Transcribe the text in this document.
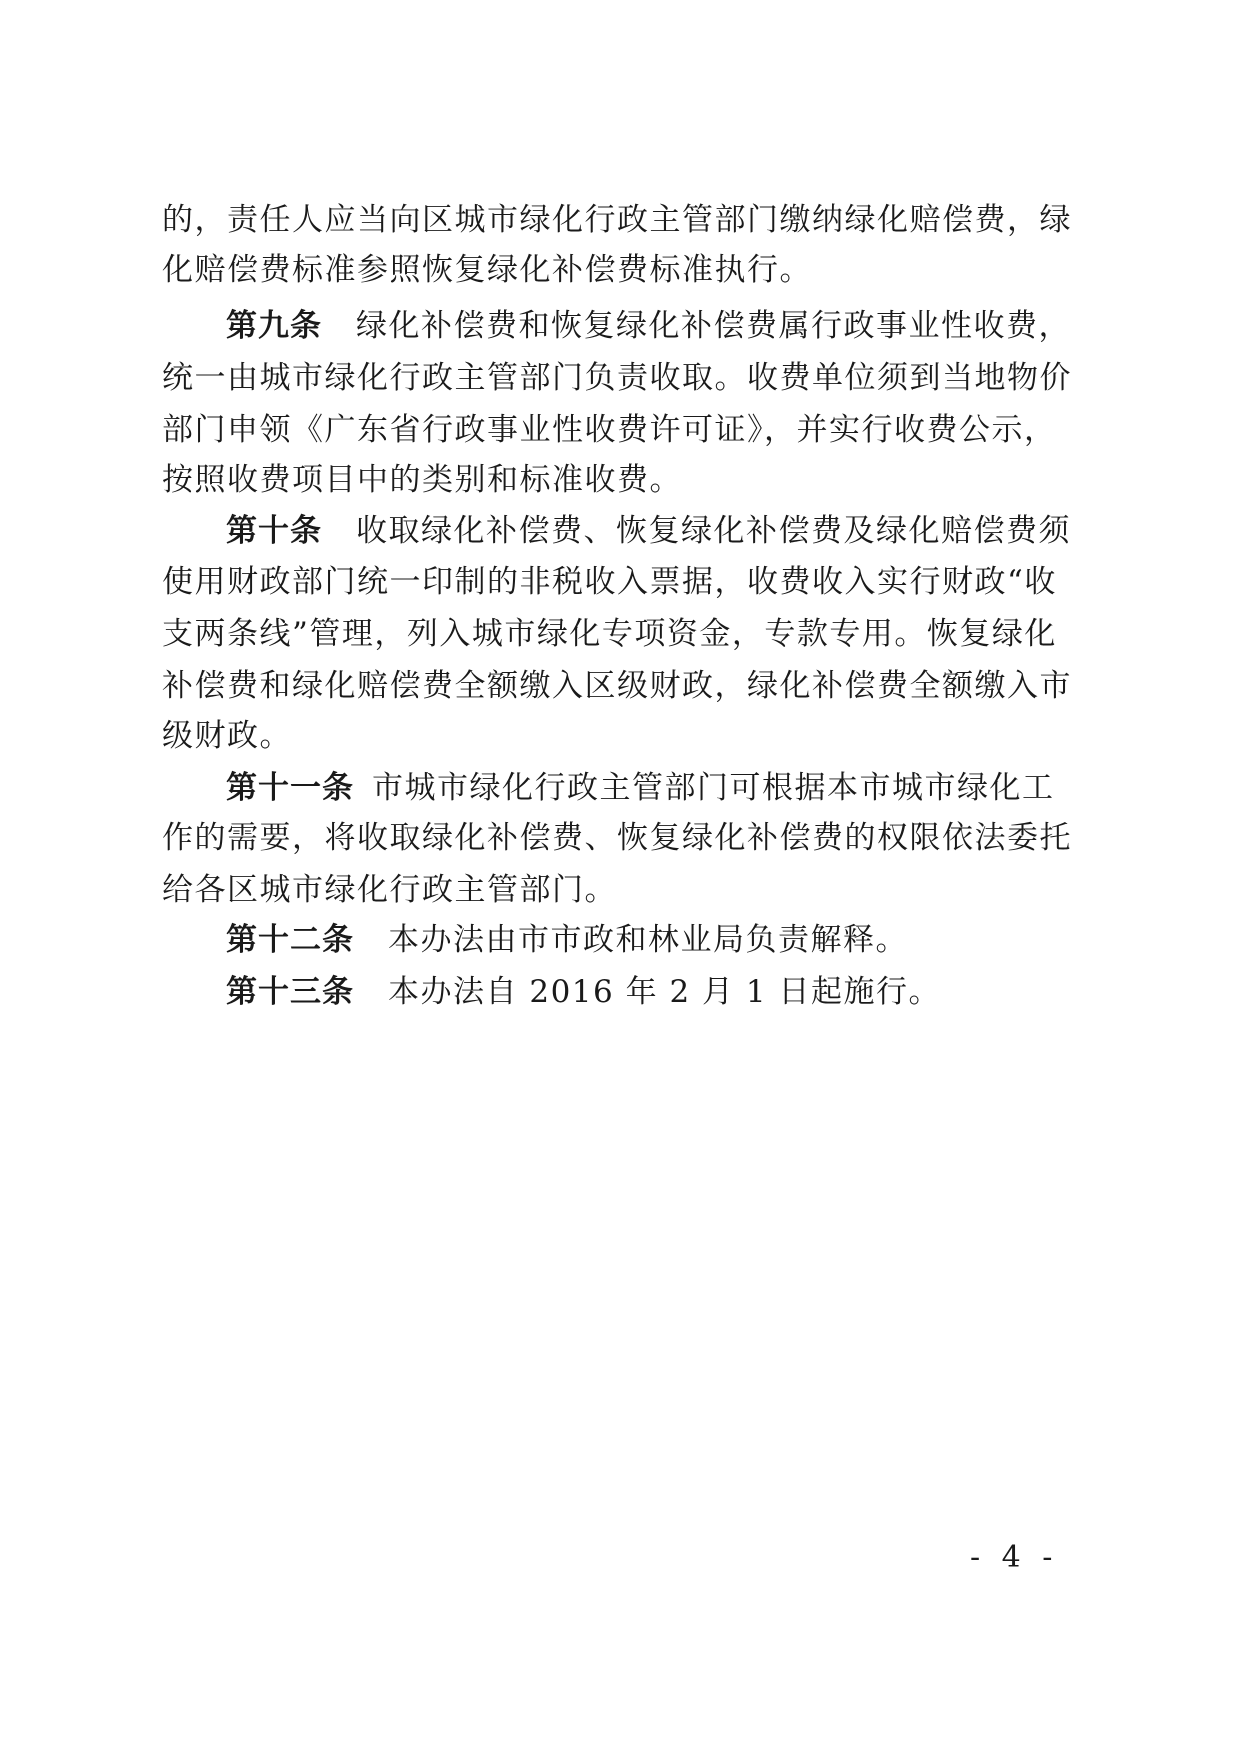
的，责任人应当向区城市绿化行政主管部门缴纳绿化赔偿费，绿
化赔偿费标准参照恢复绿化补偿费标准执行。
第九条 绿化补偿费和恢复绿化补偿费属行政事业性收费，
统一由城市绿化行政主管部门负责收取。收费单位须到当地物价
部门申领《广东省行政事业性收费许可证》，并实行收费公示，
按照收费项目中的类别和标准收费。
第十条 收取绿化补偿费、恢复绿化补偿费及绿化赔偿费须
使用财政部门统一印制的非税收入票据，收费收入实行财政“收
支两条线”管理，列入城市绿化专项资金，专款专用。恢复绿化
补偿费和绿化赔偿费全额缴入区级财政，绿化补偿费全额缴入市
级财政。
第十一条 市城市绿化行政主管部门可根据本市城市绿化工
作的需要，将收取绿化补偿费、恢复绿化补偿费的权限依法委托
给各区城市绿化行政主管部门。
第十二条 本办法由市市政和林业局负责解释。
第十三条 本办法自 2016 年 2 月 1 日起施行。
- 4 -
